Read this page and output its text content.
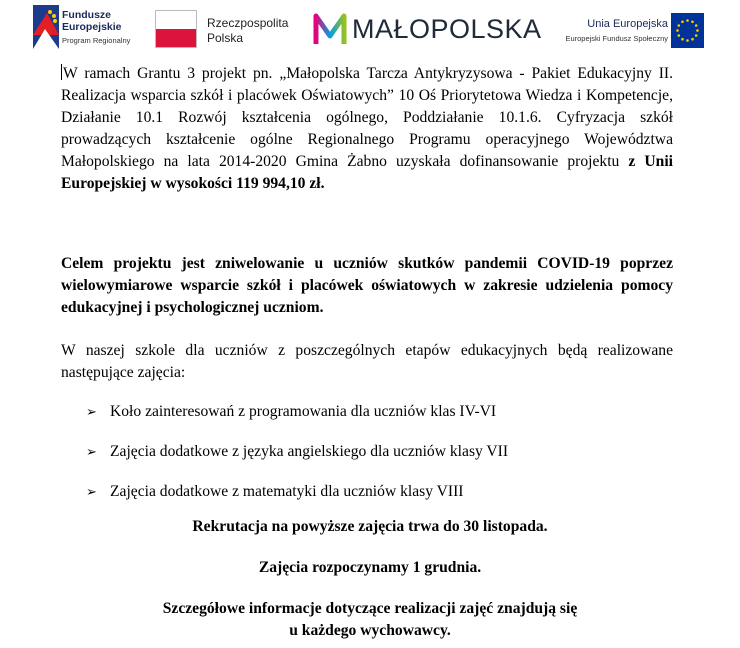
Fundusze
Europejskie
Program Regionalny
Rzeczpospolita
Polska	MAŁOPOLSKA	Unia Europejska
Europejski Fundusz Społeczny

W ramach Grantu 3 projekt pn. „Małopolska Tarcza Antykryzysowa - Pakiet Edukacyjny II. Realizacja wsparcia szkół i placówek Oświatowych” 10 Oś Priorytetowa Wiedza i Kompetencje, Działanie 10.1 Rozwój kształcenia ogólnego, Poddziałanie 10.1.6. Cyfryzacja szkół prowadzących kształcenie ogólne Regionalnego Programu operacyjnego Województwa Małopolskiego na lata 2014-2020 Gmina Żabno uzyskała dofinansowanie projektu z Unii Europejskiej w wysokości 119 994,10 zł.

Celem projektu jest zniwelowanie u uczniów skutków pandemii COVID-19 poprzez wielowymiarowe wsparcie szkół i placówek oświatowych w zakresie udzielenia pomocy edukacyjnej i psychologicznej uczniom.

W naszej szkole dla uczniów z poszczególnych etapów edukacyjnych będą realizowane następujące zajęcia:

➢ Koło zainteresowań z programowania dla uczniów klas IV-VI
➢ Zajęcia dodatkowe z języka angielskiego dla uczniów klasy VII
➢ Zajęcia dodatkowe z matematyki dla uczniów klasy VIII

Rekrutacja na powyższe zajęcia trwa do 30 listopada.

Zajęcia rozpoczynamy 1 grudnia.

Szczegółowe informacje dotyczące realizacji zajęć znajdują się
u każdego wychowawcy.
